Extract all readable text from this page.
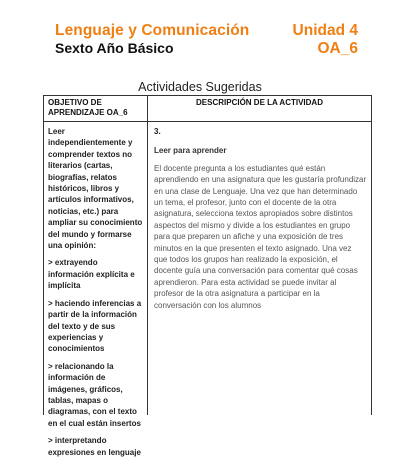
Lenguaje y Comunicación
Sexto Año Básico
Unidad 4
OA_6
Actividades Sugeridas
OBJETIVO DE APRENDIZAJE OA_6

Leer independientemente y comprender textos no literarios (cartas, biografías, relatos históricos, libros y artículos informativos, noticias, etc.) para ampliar su conocimiento del mundo y formarse una opinión:

> extrayendo información explícita e implícita

> haciendo inferencias a partir de la información del texto y de sus experiencias y conocimientos

> relacionando la información de imágenes, gráficos, tablas, mapas o diagramas, con el texto en el cual están insertos

> interpretando expresiones en lenguaje

DESCRIPCIÓN DE LA ACTIVIDAD
3.
Leer para aprender
El docente pregunta a los estudiantes qué están aprendiendo en una asignatura que les gustaría profundizar en una clase de Lenguaje. Una vez que han determinado un tema, el profesor, junto con el docente de la otra asignatura, selecciona textos apropiados sobre distintos aspectos del mismo y divide a los estudiantes en grupo para que preparen un afiche y una exposición de tres minutos en la que presenten el texto asignado. Una vez que todos los grupos han realizado la exposición, el docente guía una conversación para comentar qué cosas aprendieron. Para esta actividad se puede invitar al profesor de la otra asignatura a participar en la conversación con los alumnos
